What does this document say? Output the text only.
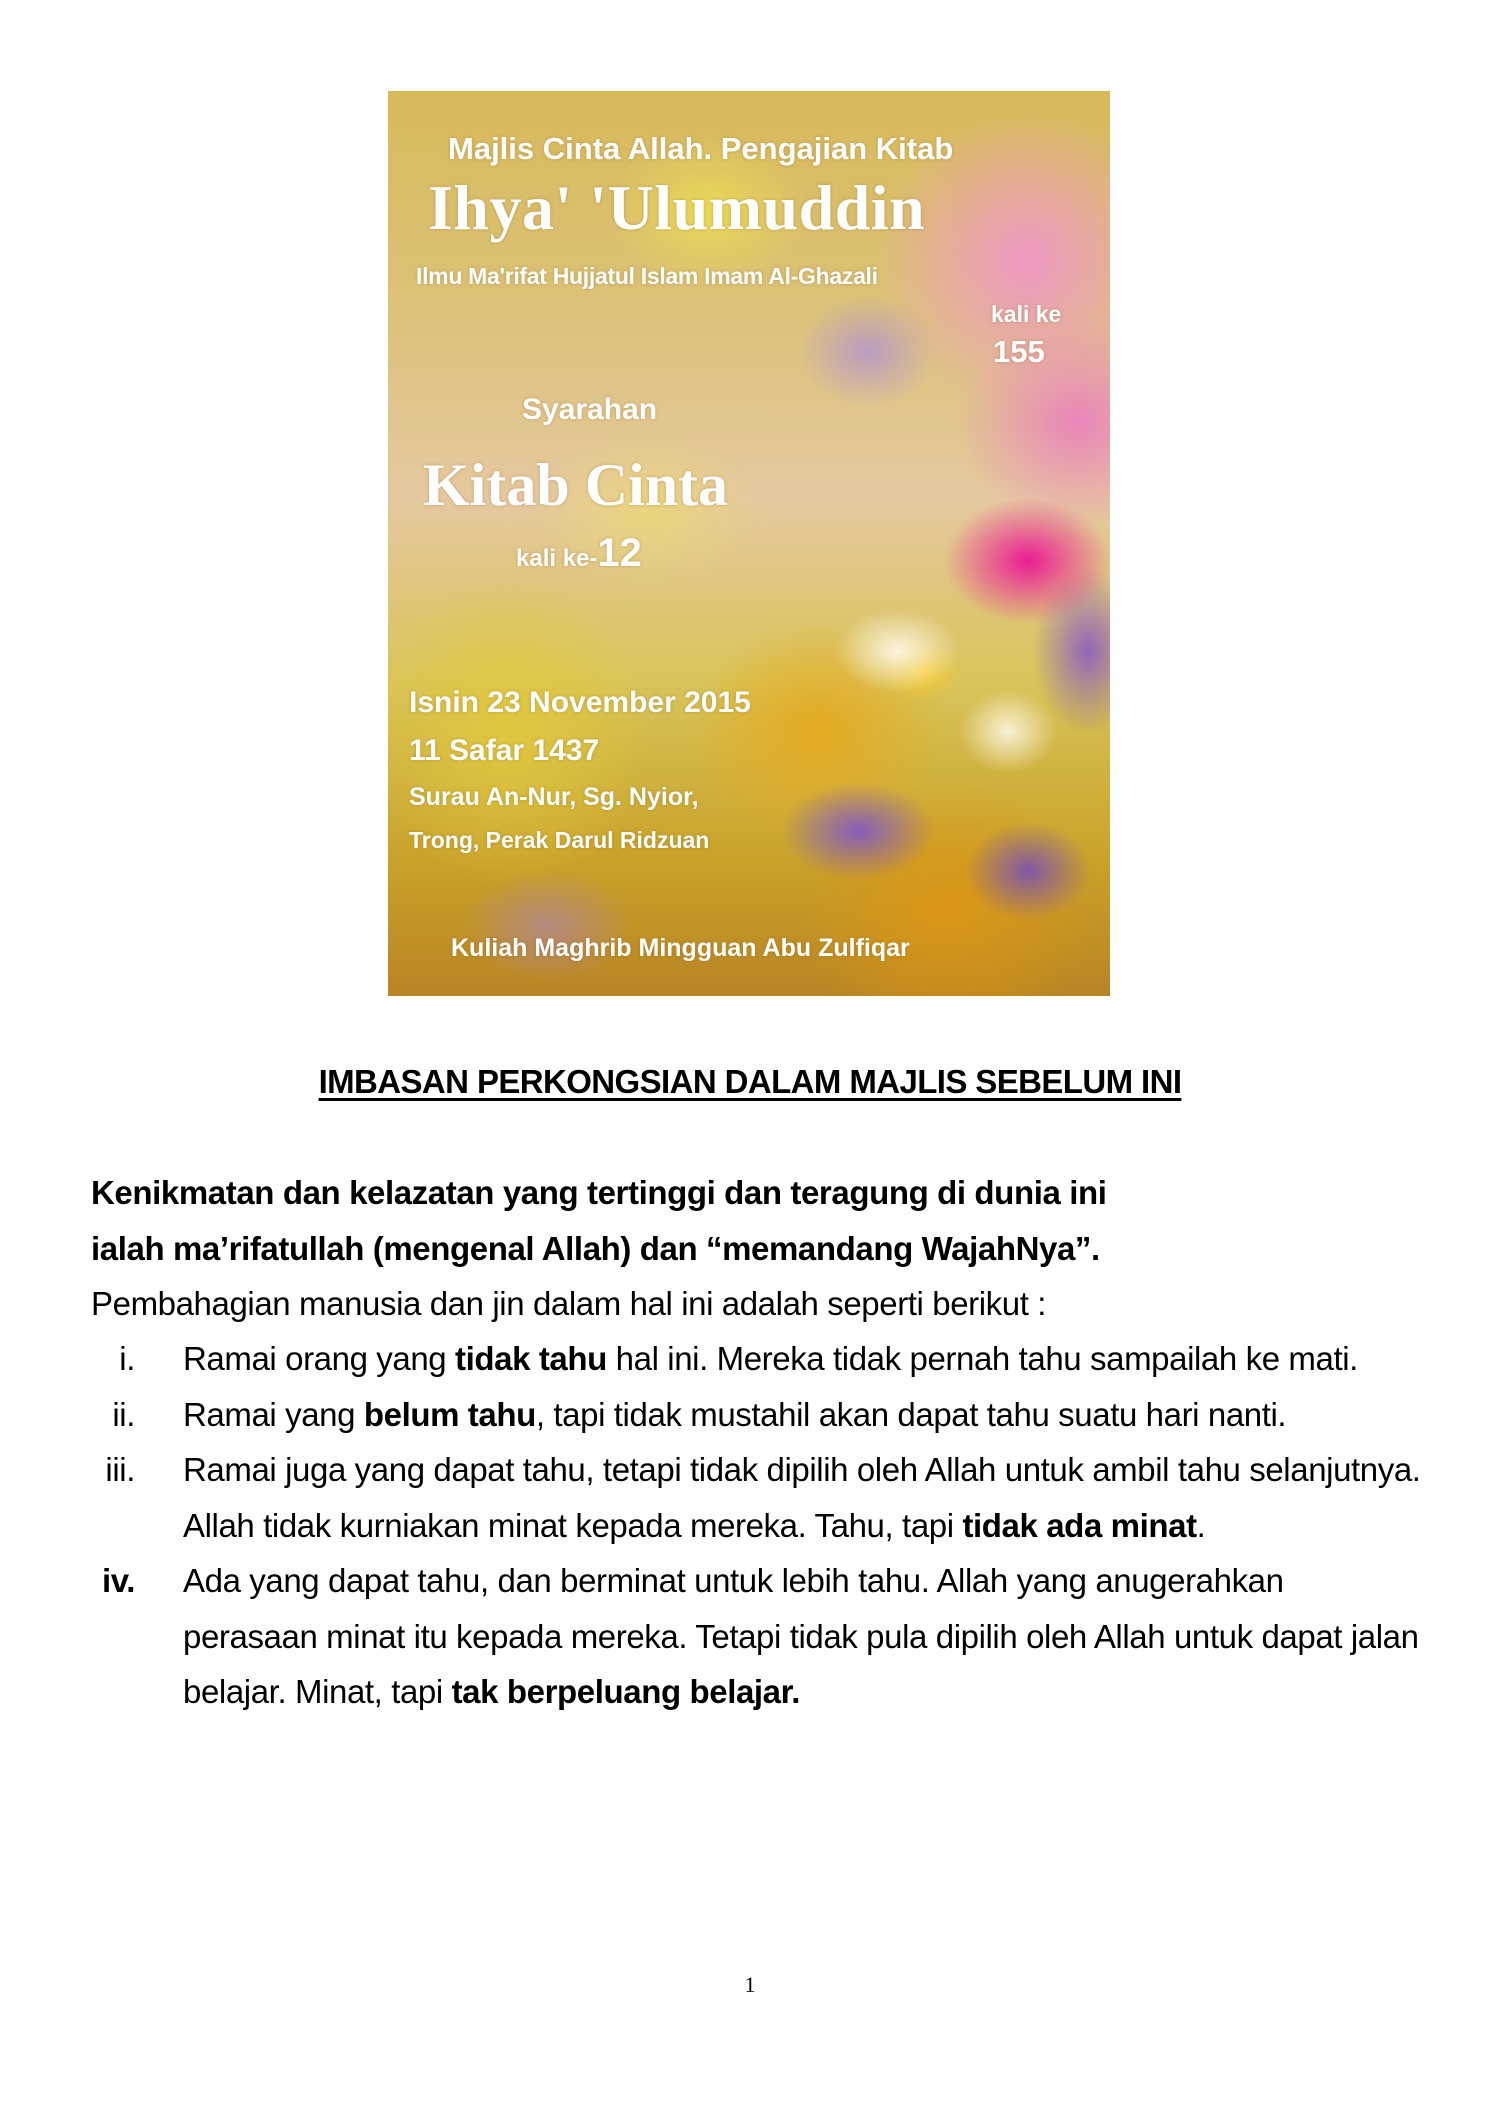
Majlis Cinta Allah. Pengajian Kitab
Ihya' 'Ulumuddin
Ilmu Ma'rifat Hujjatul Islam Imam Al-Ghazali
kali ke
155
Syarahan
Kitab Cinta
kali ke-12
Isnin 23 November 2015
11 Safar 1437
Surau An-Nur, Sg. Nyior,
Trong, Perak Darul Ridzuan
Kuliah Maghrib Mingguan Abu Zulfiqar
IMBASAN PERKONGSIAN DALAM MAJLIS SEBELUM INI
Kenikmatan dan kelazatan yang tertinggi dan teragung di dunia ini
ialah ma’rifatullah (mengenal Allah) dan “memandang WajahNya”.
Pembahagian manusia dan jin dalam hal ini adalah seperti berikut :
i. Ramai orang yang tidak tahu hal ini. Mereka tidak pernah tahu sampailah ke mati.
ii. Ramai yang belum tahu, tapi tidak mustahil akan dapat tahu suatu hari nanti.
iii. Ramai juga yang dapat tahu, tetapi tidak dipilih oleh Allah untuk ambil tahu selanjutnya. Allah tidak kurniakan minat kepada mereka. Tahu, tapi tidak ada minat.
iv. Ada yang dapat tahu, dan berminat untuk lebih tahu. Allah yang anugerahkan perasaan minat itu kepada mereka. Tetapi tidak pula dipilih oleh Allah untuk dapat jalan belajar. Minat, tapi tak berpeluang belajar.
1
